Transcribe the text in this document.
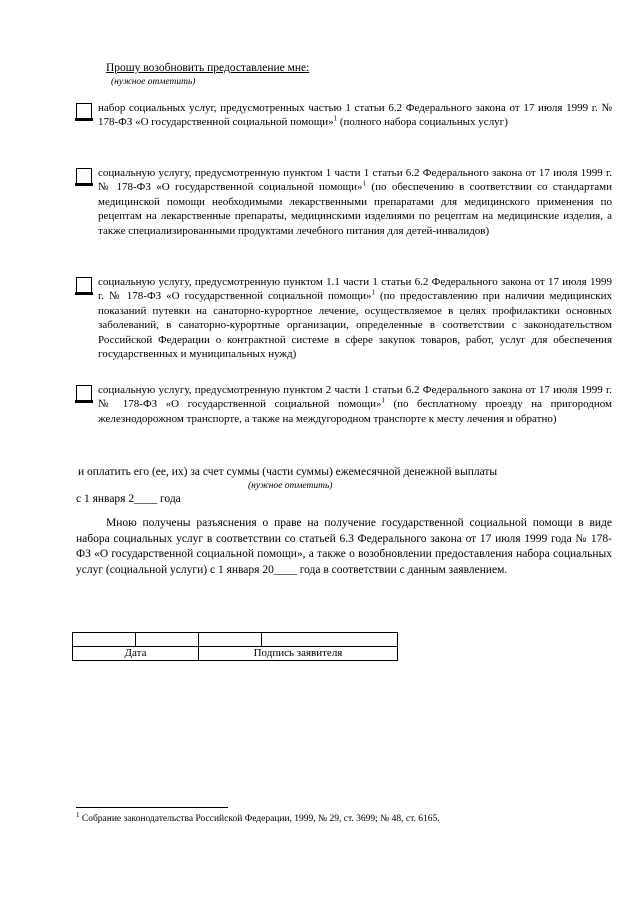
Прошу возобновить предоставление мне:
(нужное отметить)
набор социальных услуг, предусмотренных частью 1 статьи 6.2 Федерального закона от 17 июля 1999 г. № 178-ФЗ «О государственной социальной помощи»$^1$ (полного набора социальных услуг)
социальную услугу, предусмотренную пунктом 1 части 1 статьи 6.2 Федерального закона от 17 июля 1999 г. № 178-ФЗ «О государственной социальной помощи»$^1$ (по обеспечению в соответствии со стандартами медицинской помощи необходимыми лекарственными препаратами для медицинского применения по рецептам на лекарственные препараты, медицинскими изделиями по рецептам на медицинские изделия, а также специализированными продуктами лечебного питания для детей-инвалидов)
социальную услугу, предусмотренную пунктом 1.1 части 1 статьи 6.2 Федерального закона от 17 июля 1999 г. № 178-ФЗ «О государственной социальной помощи»$^1$ (по предоставлению при наличии медицинских показаний путевки на санаторно-курортное лечение, осуществляемое в целях профилактики основных заболеваний, в санаторно-курортные организации, определенные в соответствии с законодательством Российской Федерации о контрактной системе в сфере закупок товаров, работ, услуг для обеспечения государственных и муниципальных нужд)
социальную услугу, предусмотренную пунктом 2 части 1 статьи 6.2 Федерального закона от 17 июля 1999 г. № 178-ФЗ «О государственной социальной помощи»$^1$ (по бесплатному проезду на пригородном железнодорожном транспорте, а также на междугородном транспорте к месту лечения и обратно)
и оплатить его (ее, их) за счет суммы (части суммы) ежемесячной денежной выплаты
(нужное отметить)
с 1 января 2____ года
Мною получены разъяснения о праве на получение государственной социальной помощи в виде набора социальных услуг в соответствии со статьей 6.3 Федерального закона от 17 июля 1999 года № 178-ФЗ «О государственной социальной помощи», а также о возобновлении предоставления набора социальных услуг (социальной услуги) с 1 января 20____ года в соответствии с данным заявлением.

Дата		Подпись заявителя	
$^1$ Собрание законодательства Российской Федерации, 1999, № 29, ст. 3699; № 48, ст. 6165.
